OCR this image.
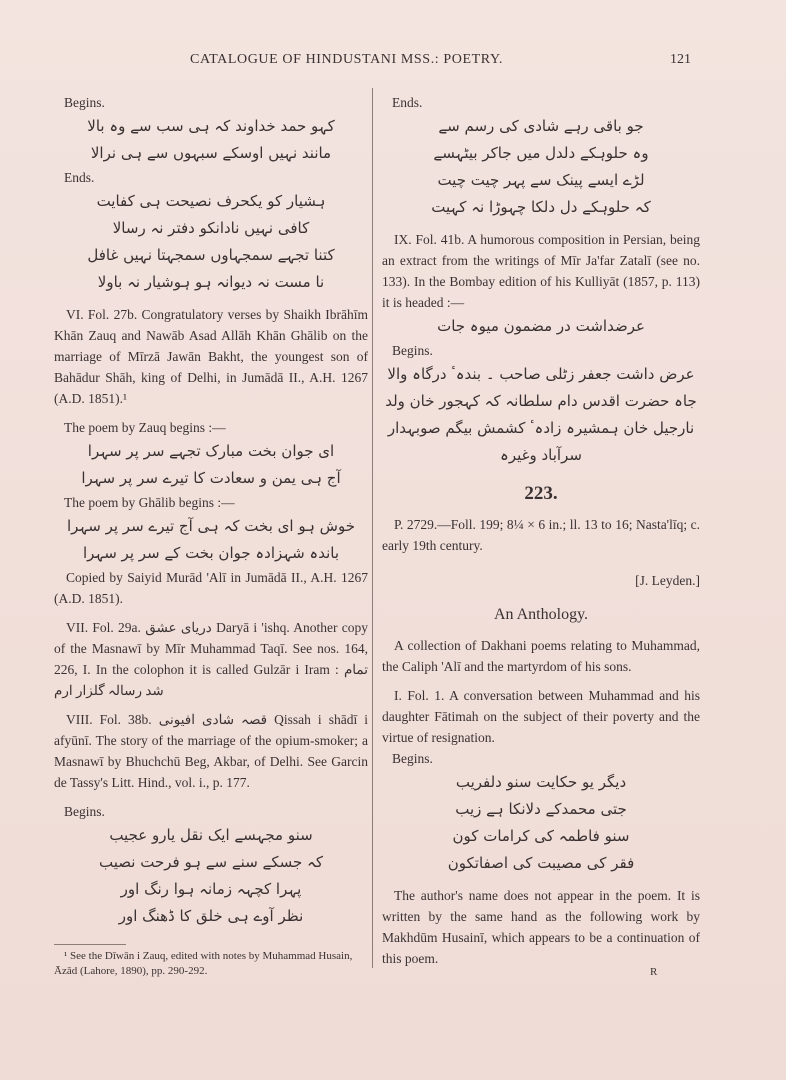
CATALOGUE OF HINDUSTANI MSS.: POETRY.	121

Begins.

کہو حمد خداوند کہ ہی سب سے وہ بالا

مانند نہیں اوسکے سبہوں سے ہی نرالا

Ends.

ہشیار کو یکحرف نصیحت ہی کفایت

کافی نہیں نادانکو دفتر نہ رسالا

کتنا تجہے سمجہاوں سمجہتا نہیں غافل

نا مست نہ دیوانہ ہو ہوشیار نہ باولا

VI. Fol. 27b. Congratulatory verses by Shaikh Ibrāhīm Khān Zauq and Nawāb Asad Allāh Khān Ghālib on the marriage of Mīrzā Jawān Bakht, the youngest son of Bahādur Shāh, king of Delhi, in Jumādā II., A.H. 1267 (A.D. 1851).¹

The poem by Zauq begins :—

ای جوان بخت مبارک تجہے سر پر سہرا

آج ہی یمن و سعادت کا تیرے سر پر سہرا

The poem by Ghālib begins :—

خوش ہو ای بخت کہ ہی آج تیرے سر پر سہرا

باندہ شہزادہ جوان بخت کے سر پر سہرا

Copied by Saiyid Murād 'Alī in Jumādā II., A.H. 1267 (A.D. 1851).

VII. Fol. 29a. دریای عشق Daryā i 'ishq. Another copy of the Masnawī by Mīr Muhammad Taqī. See nos. 164, 226, I. In the colophon it is called Gulzār i Iram : تمام شد رسالہ گلزار ارم

VIII. Fol. 38b. قصہ شادی افیونی Qissah i shādī i afyūnī. The story of the marriage of the opium-smoker; a Masnawī by Bhuchchū Beg, Akbar, of Delhi. See Garcin de Tassy's Litt. Hind., vol. i., p. 177.

Begins.

سنو مجہسے ایک نقل یارو عجیب

کہ جسکے سنے سے ہو فرحت نصیب

پہرا کچہہ زمانہ ہوا رنگ اور

نظر آوے ہی خلق کا ڈھنگ اور

¹ See the Dīwān i Zauq, edited with notes by Muhammad Husain, Āzād (Lahore, 1890), pp. 290-292.

Ends.

جو باقی رہے شادی کی رسم سے

وہ حلوہکے دلدل میں جاکر بیٹہسے

لڑے ایسے پینک سے پہر چیت چیت

کہ حلوہکے دل دلکا چہوڑا نہ کہیت

IX. Fol. 41b. A humorous composition in Persian, being an extract from the writings of Mīr Ja'far Zatalī (see no. 133). In the Bombay edition of his Kulliyāt (1857, p. 113) it is headed :—

عرضداشت در مضمون میوہ جات

Begins.

عرض داشت جعفر زٹلی صاحب ۔ بندہٴ درگاہ والا

جاہ حضرت اقدس دام سلطانہ کہ کہجور خان ولد

نارجیل خان ہمشیرہ زادہٴ کشمش بیگم صوبہدار

سرآباد وغیرہ

223.

P. 2729.—Foll. 199; 8¼ × 6 in.; ll. 13 to 16; Nasta'līq; c. early 19th century.

[J. Leyden.]

An Anthology.

A collection of Dakhani poems relating to Muhammad, the Caliph 'Alī and the martyrdom of his sons.

I. Fol. 1. A conversation between Muhammad and his daughter Fātimah on the subject of their poverty and the virtue of resignation.

Begins.

دیگر یو حکایت سنو دلفریب

جتی محمدکے دلانکا ہے زیب

سنو فاطمہ کی کرامات کون

فقر کی مصیبت کی اصفاتکون

The author's name does not appear in the poem. It is written by the same hand as the following work by Makhdūm Husainī, which appears to be a continuation of this poem.

R
